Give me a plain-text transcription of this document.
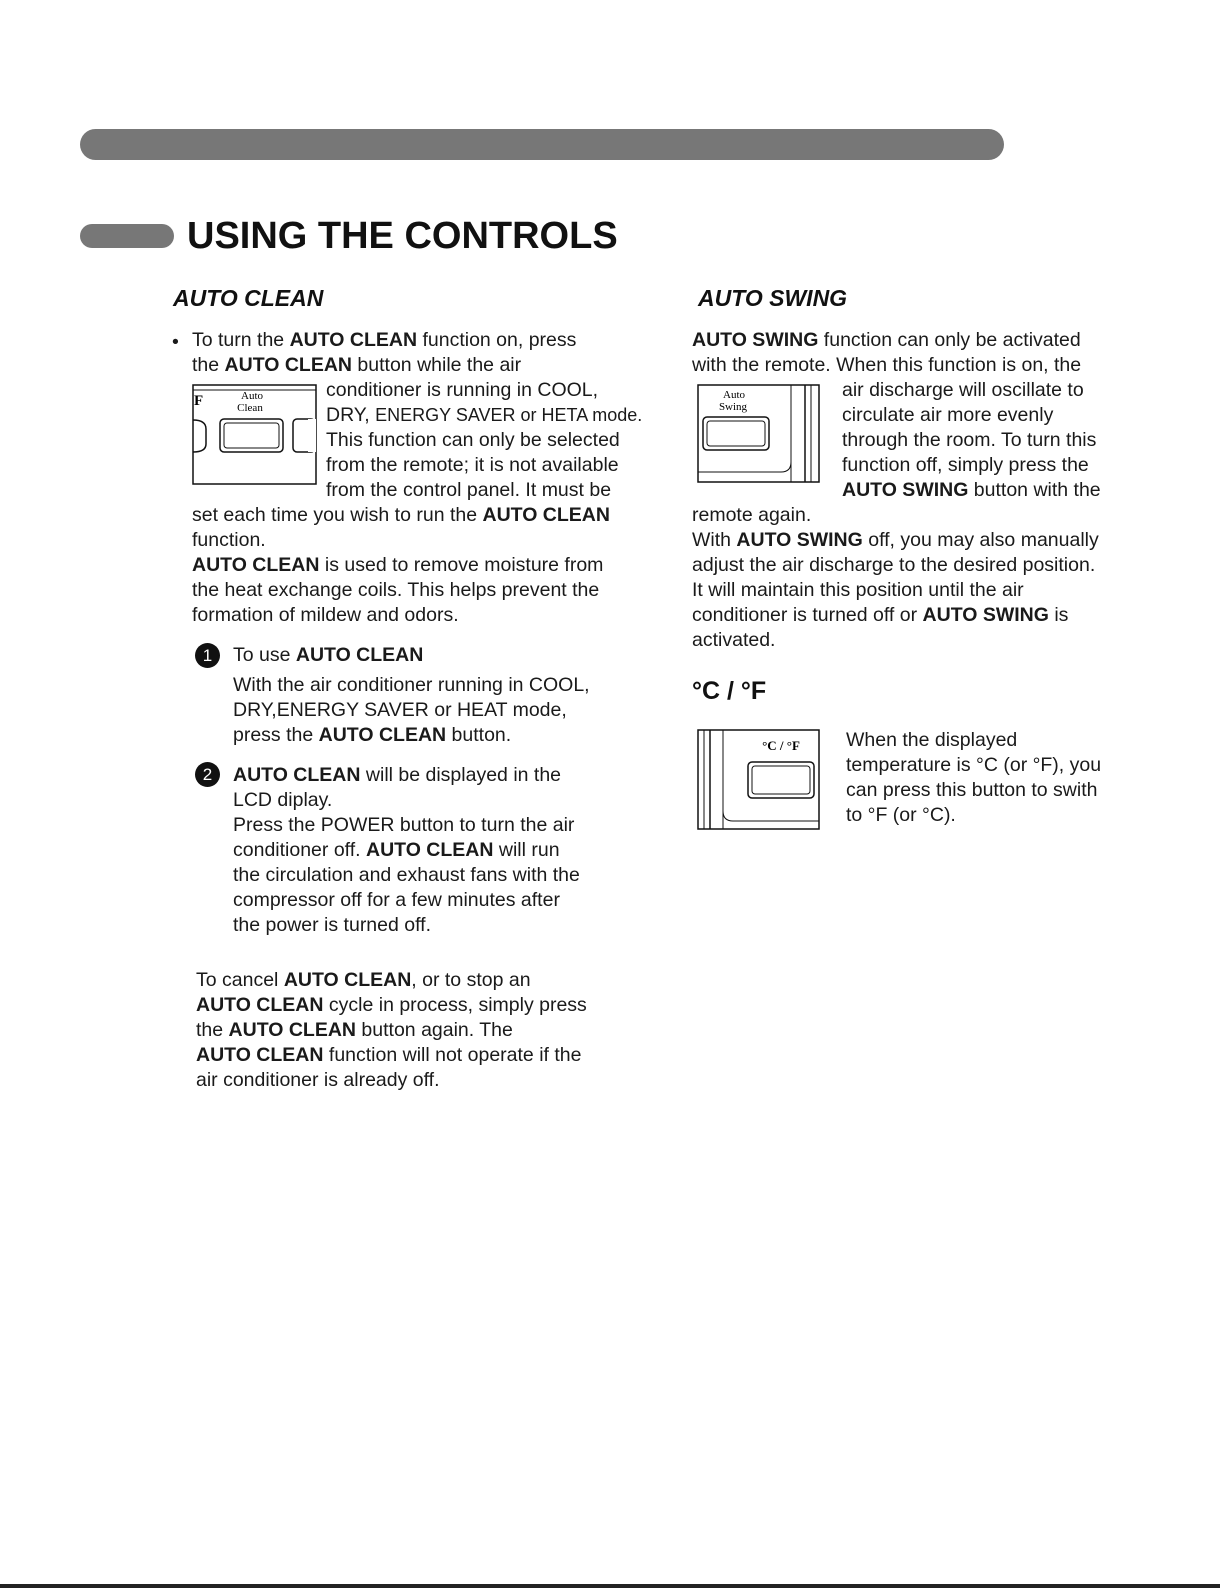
USING THE CONTROLS
AUTO CLEAN
• To turn the AUTO CLEAN function on, press
the AUTO CLEAN button while the air
F	Auto
Clean
conditioner is running in COOL,
DRY, ENERGY SAVER or HETA mode.
This function can only be selected
from the remote; it is not available
from the control panel. It must be
set each time you wish to run the AUTO CLEAN
function.
AUTO CLEAN is used to remove moisture from
the heat exchange coils. This helps prevent the
formation of mildew and odors.
1	To use AUTO CLEAN
With the air conditioner running in COOL,
DRY,ENERGY SAVER or HEAT mode,
press the AUTO CLEAN button.
2	AUTO CLEAN will be displayed in the
LCD diplay.
Press the POWER button to turn the air
conditioner off. AUTO CLEAN will run
the circulation and exhaust fans with the
compressor off for a few minutes after
the power is turned off.
To cancel AUTO CLEAN, or to stop an
AUTO CLEAN cycle in process, simply press
the AUTO CLEAN button again. The
AUTO CLEAN function will not operate if the
air conditioner is already off.
AUTO SWING
AUTO SWING function can only be activated
with the remote. When this function is on, the
Auto
Swing
air discharge will oscillate to
circulate air more evenly
through the room. To turn this
function off, simply press the
AUTO SWING button with the
remote again.
With AUTO SWING off, you may also manually
adjust the air discharge to the desired position.
It will maintain this position until the air
conditioner is turned off or AUTO SWING is
activated.
°C / °F
°C / °F When the displayed
temperature is °C (or °F), you
can press this button to swith
to °F (or °C).
